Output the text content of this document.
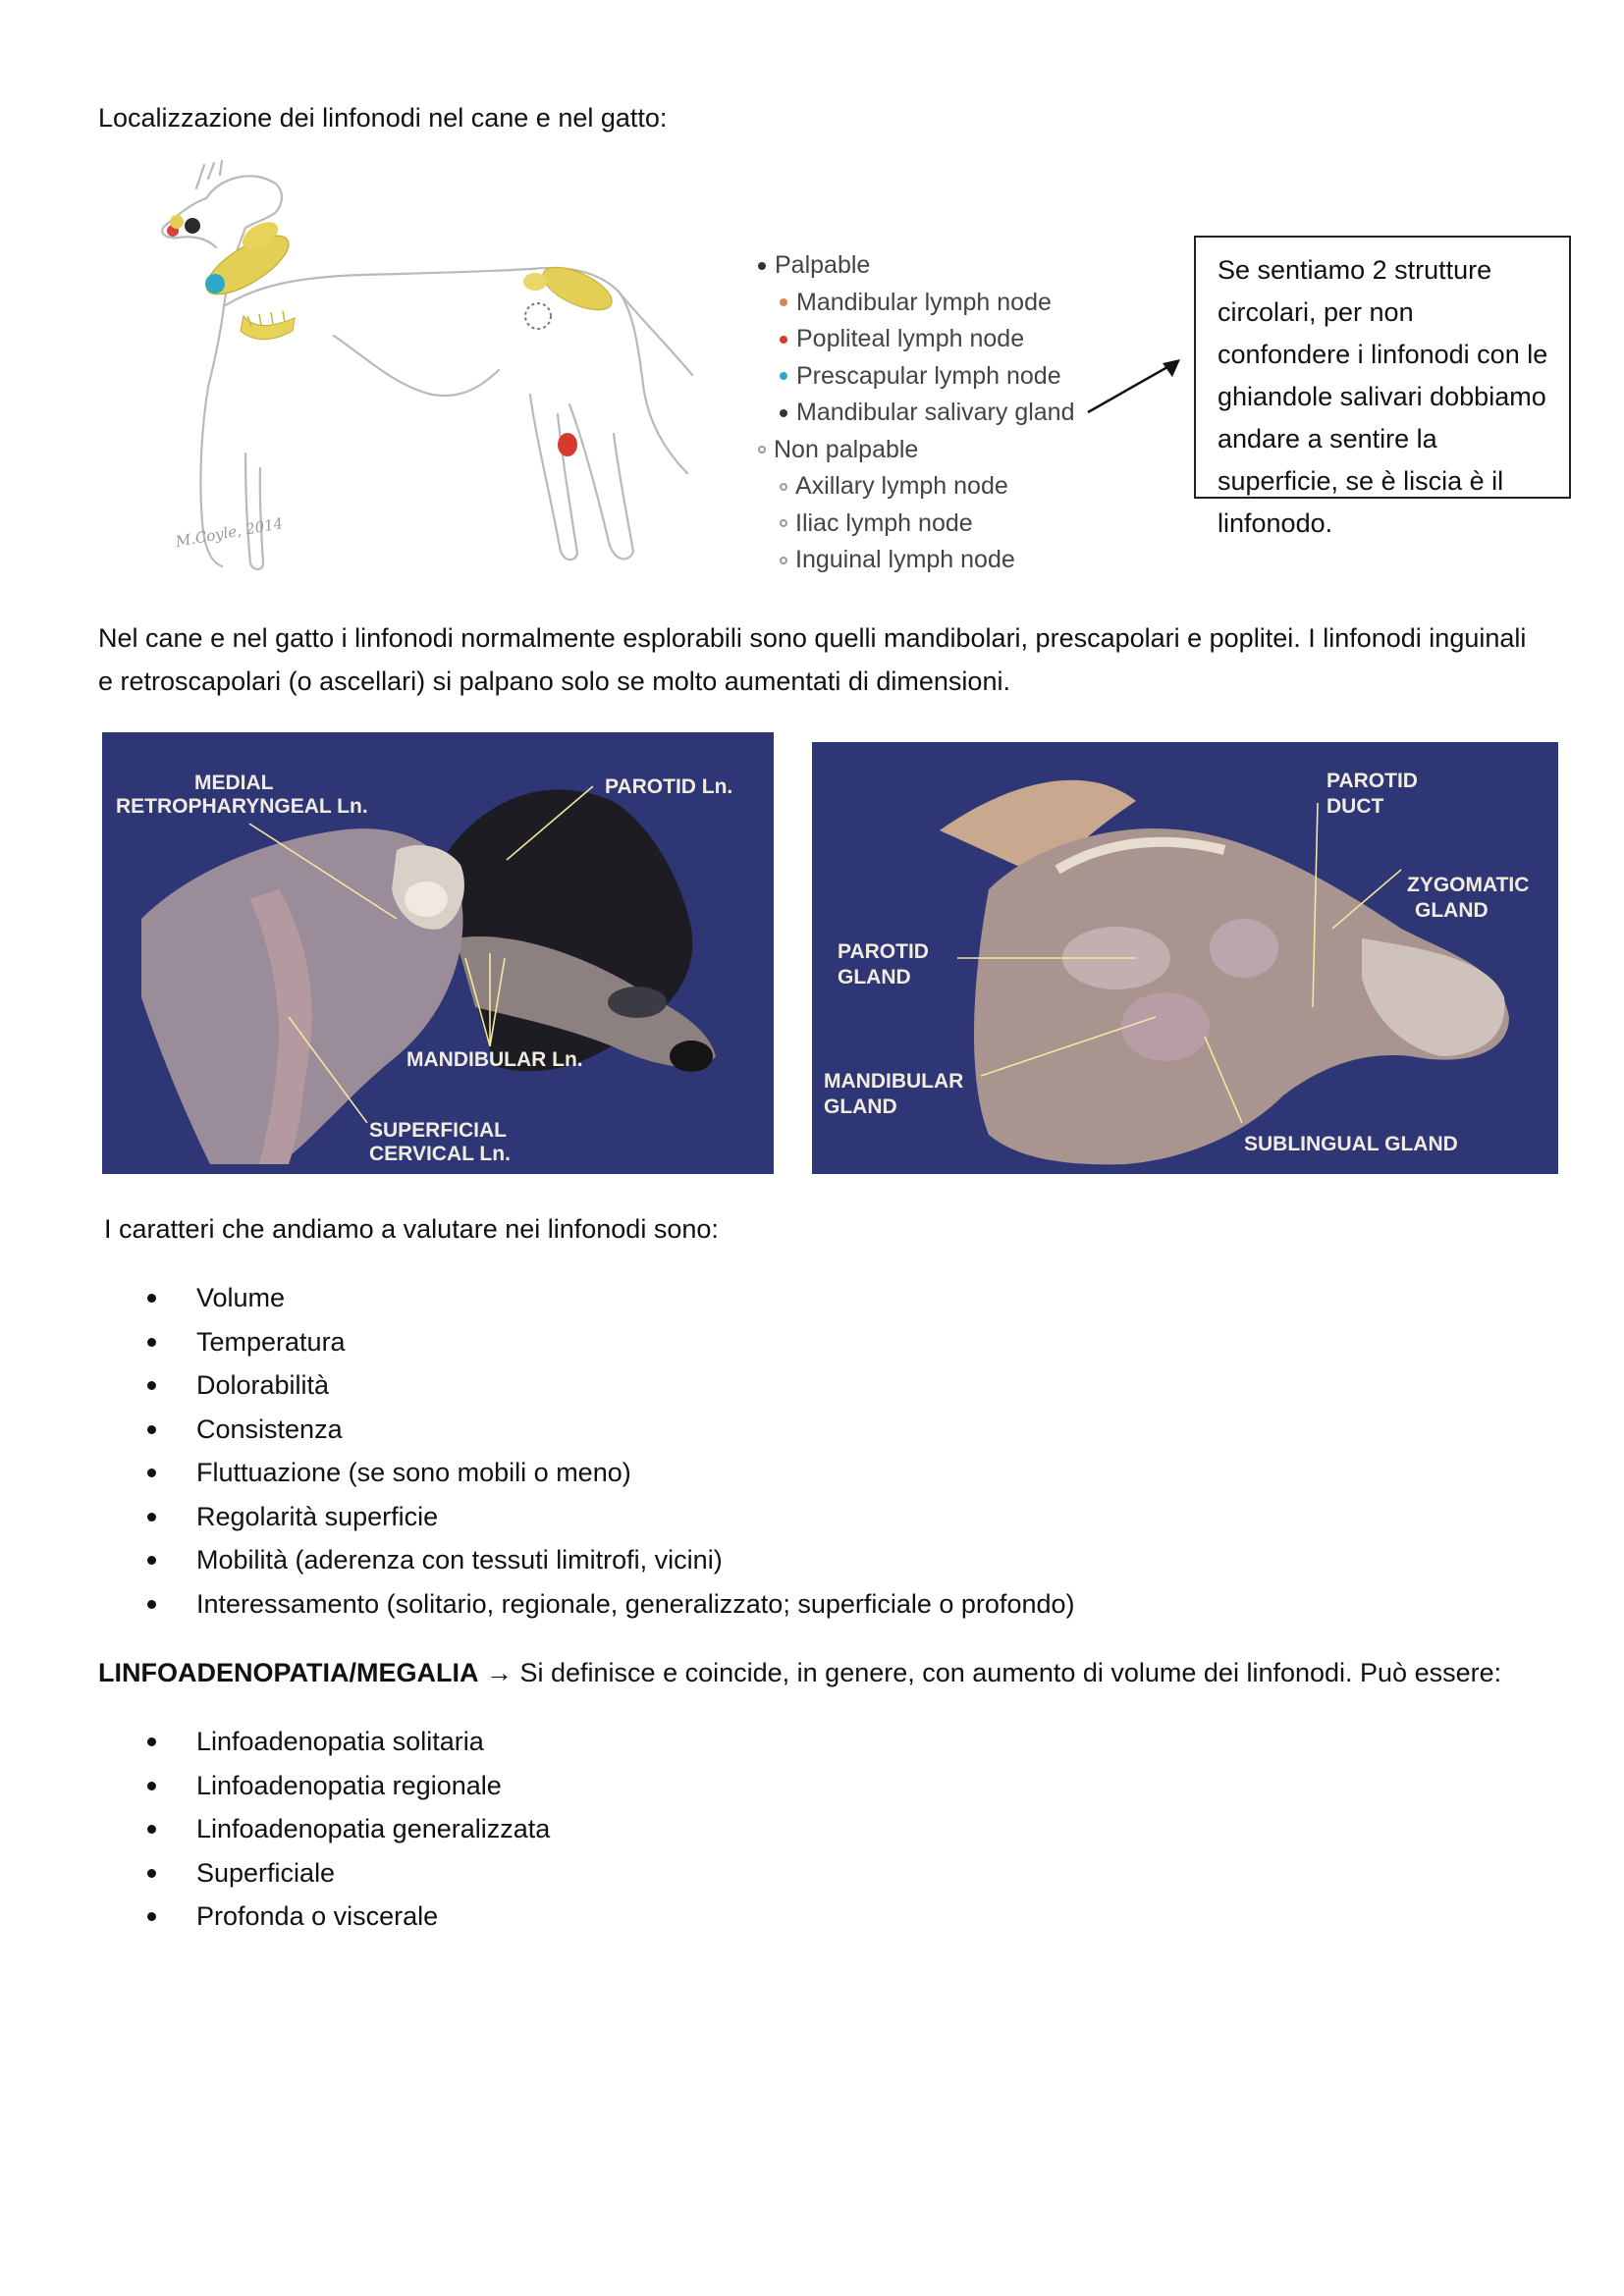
Localizzazione dei linfonodi nel cane e nel gatto:
M.Coyle, 2014
Palpable
Mandibular lymph node
Popliteal lymph node
Prescapular lymph node
Mandibular salivary gland
Non palpable
Axillary lymph node
Iliac lymph node
Inguinal lymph node
Se sentiamo 2 strutture circolari, per non confondere i linfonodi con le ghiandole salivari dobbiamo andare a sentire la superficie, se è liscia è il linfonodo.
Nel cane e nel gatto i linfonodi normalmente esplorabili sono quelli mandibolari, prescapolari e poplitei. I linfonodi inguinali e retroscapolari (o ascellari) si palpano solo se molto aumentati di dimensioni.
MEDIAL
RETROPHARYNGEAL Ln.
PAROTID Ln.
MANDIBULAR Ln.
SUPERFICIAL
CERVICAL Ln.
PAROTID
DUCT
ZYGOMATIC
GLAND
PAROTID
GLAND
MANDIBULAR
GLAND
SUBLINGUAL GLAND
I caratteri che andiamo a valutare nei linfonodi sono:
Volume
Temperatura
Dolorabilità
Consistenza
Fluttuazione (se sono mobili o meno)
Regolarità superficie
Mobilità (aderenza con tessuti limitrofi, vicini)
Interessamento (solitario, regionale, generalizzato; superficiale o profondo)
LINFOADENOPATIA/MEGALIA → Si definisce e coincide, in genere, con aumento di volume dei linfonodi. Può essere:
Linfoadenopatia solitaria
Linfoadenopatia regionale
Linfoadenopatia generalizzata
Superficiale
Profonda o viscerale
